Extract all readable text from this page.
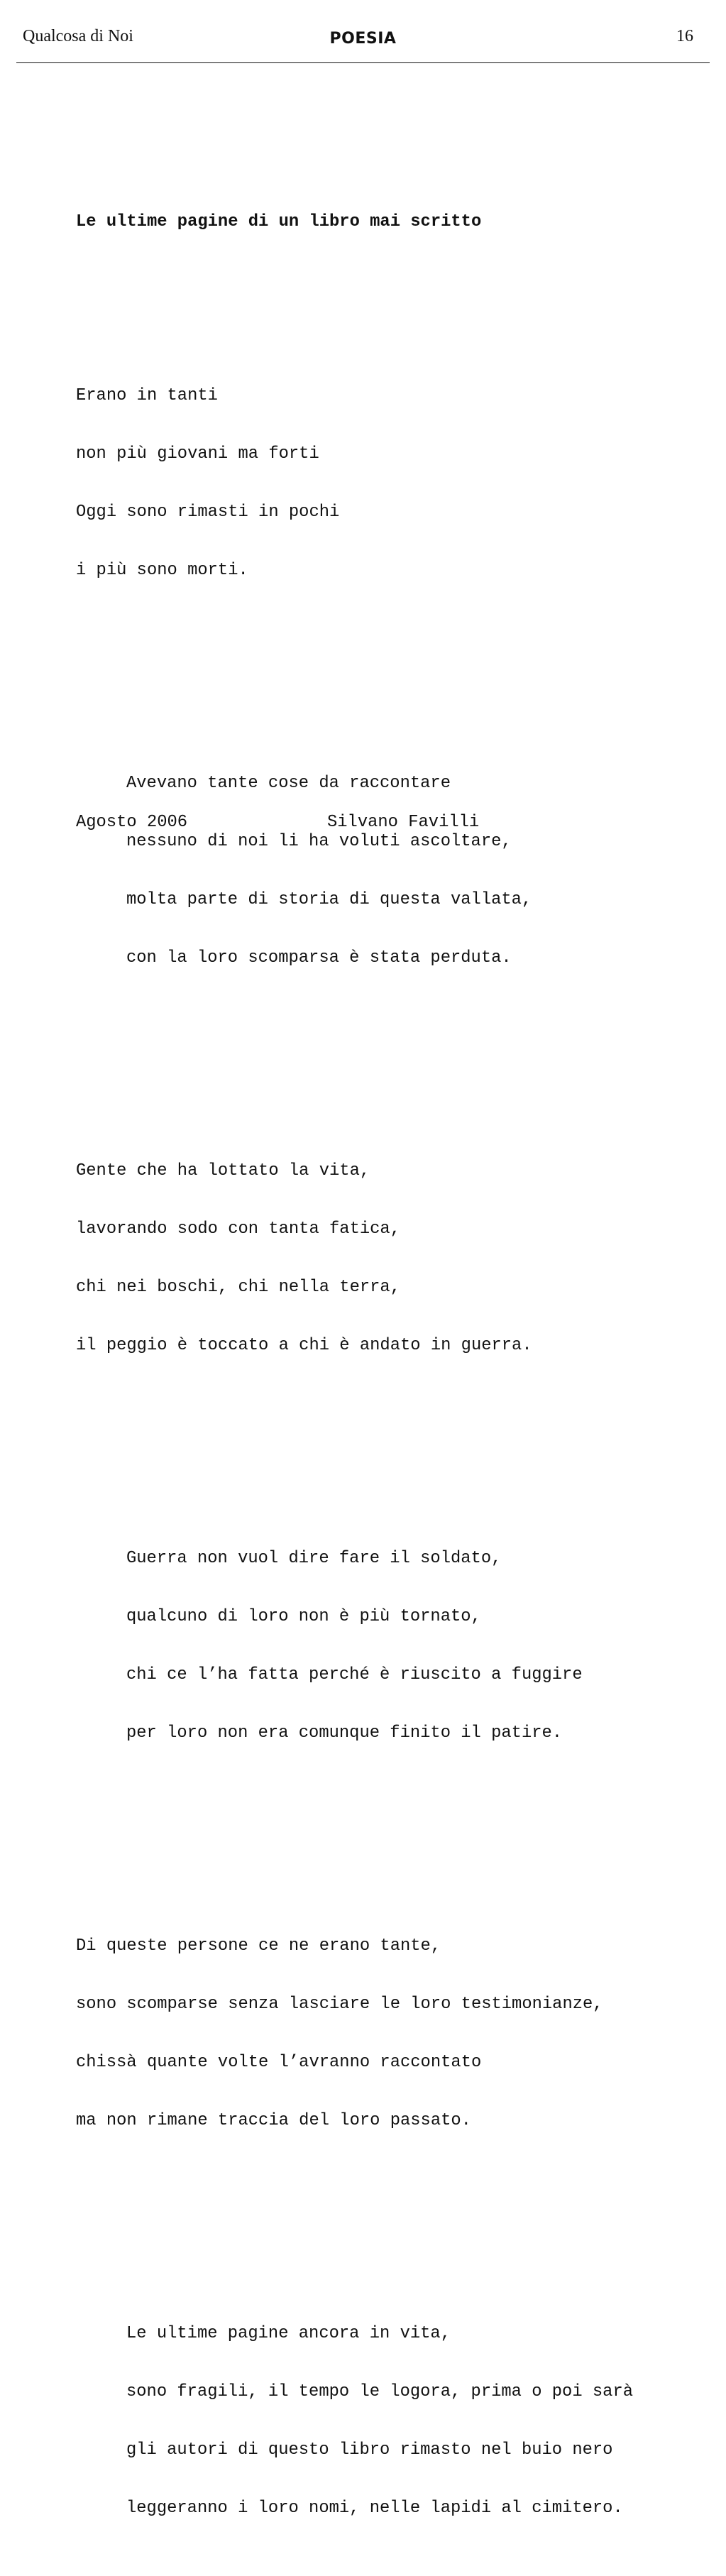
Qualcosa di Noi	POESIA	16

Le ultime pagine di un libro mai scritto

Erano in tanti

non più giovani ma forti

Oggi sono rimasti in pochi

i più sono morti.

Avevano tante cose da raccontare

nessuno di noi li ha voluti ascoltare,

molta parte di storia di questa vallata,

con la loro scomparsa è stata perduta.

Gente che ha lottato la vita,

lavorando sodo con tanta fatica,

chi nei boschi, chi nella terra,

il peggio è toccato a chi è andato in guerra.

Guerra non vuol dire fare il soldato,

qualcuno di loro non è più tornato,

chi ce l’ha fatta perché è riuscito a fuggire

per loro non era comunque finito il patire.

Di queste persone ce ne erano tante,

sono scomparse senza lasciare le loro testimonianze,

chissà quante volte l’avranno raccontato

ma non rimane traccia del loro passato.

Le ultime pagine ancora in vita,

sono fragili, il tempo le logora, prima o poi sarà

gli autori di questo libro rimasto nel buio nero

leggeranno i loro nomi, nelle lapidi al cimitero.

Agosto 2006

	Silvano Favilli
